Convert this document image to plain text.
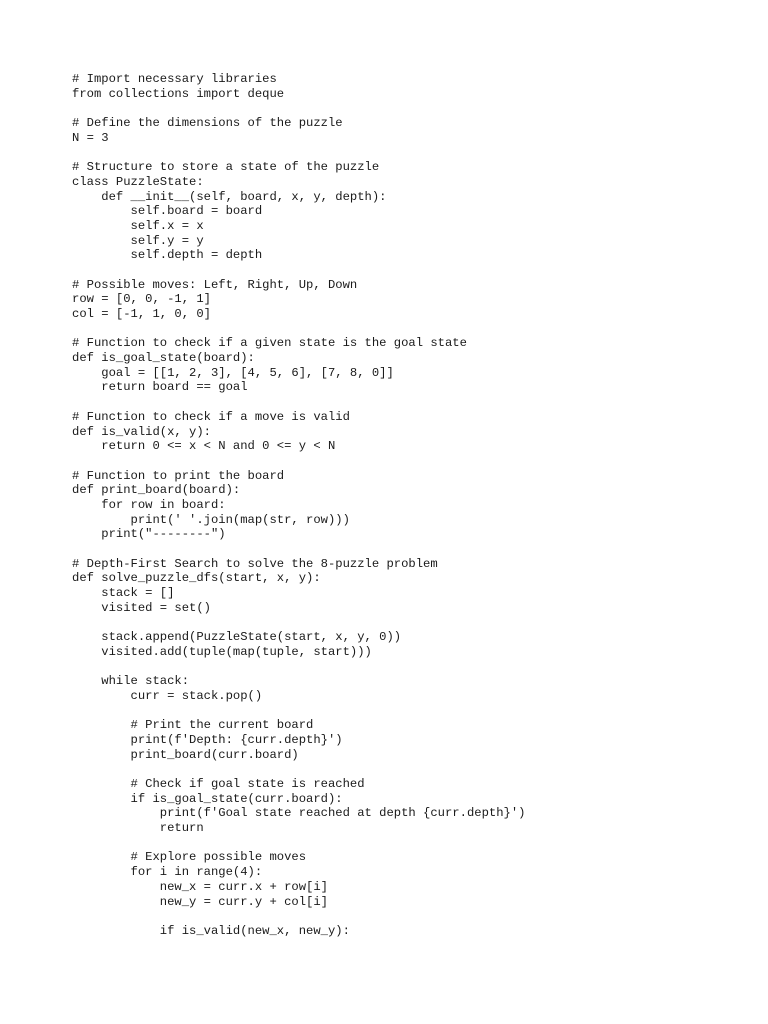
# Import necessary libraries
from collections import deque
# Define the dimensions of the puzzle
N = 3
# Structure to store a state of the puzzle
class PuzzleState:
def __init__(self, board, x, y, depth):
self.board = board
self.x = x
self.y = y
self.depth = depth
# Possible moves: Left, Right, Up, Down
row = [0, 0, -1, 1]
col = [-1, 1, 0, 0]
# Function to check if a given state is the goal state
def is_goal_state(board):
goal = [[1, 2, 3], [4, 5, 6], [7, 8, 0]]
return board == goal
# Function to check if a move is valid
def is_valid(x, y):
return 0 <= x < N and 0 <= y < N
# Function to print the board
def print_board(board):
for row in board:
print(' '.join(map(str, row)))
print("--------")
# Depth-First Search to solve the 8-puzzle problem
def solve_puzzle_dfs(start, x, y):
stack = []
visited = set()
stack.append(PuzzleState(start, x, y, 0))
visited.add(tuple(map(tuple, start)))
while stack:
curr = stack.pop()
# Print the current board
print(f'Depth: {curr.depth}')
print_board(curr.board)
# Check if goal state is reached
if is_goal_state(curr.board):
print(f'Goal state reached at depth {curr.depth}')
return
# Explore possible moves
for i in range(4):
new_x = curr.x + row[i]
new_y = curr.y + col[i]
if is_valid(new_x, new_y):
